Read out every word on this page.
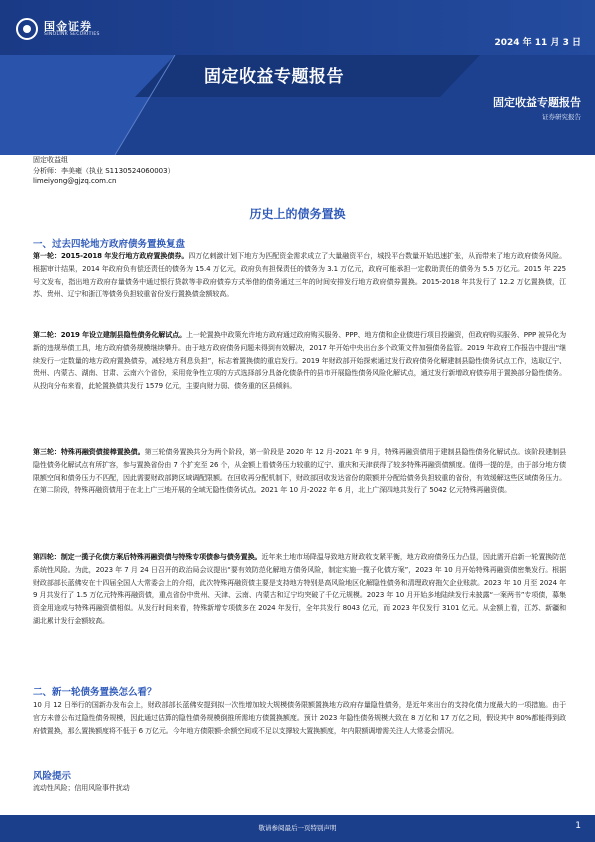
国金证券
SINOLINK SECURITIES
2024 年 11 月 3 日
固定收益专题报告
固定收益专题报告
证券研究报告
固定收益组
分析师：李美雍（执业 S1130524060003）
limeiyong@gjzq.com.cn
历史上的债务置换
一、过去四轮地方政府债务置换复盘
第一轮：2015-2018 年发行地方政府置换债券。四万亿刺激计划下地方为匹配资金需求成立了大量融资平台，城投平台数量开始迅速扩张，从而带来了地方政府债务风险。根据审计结果，2014 年政府负有偿还责任的债务为 15.4 万亿元，政府负有担保责任的债务为 3.1 万亿元，政府可能承担一定救助责任的债务为 5.5 万亿元。2015 年 225 号文发布，指出地方政府存量债务中通过银行贷款等非政府债券方式举借的债务通过三年的时间安排发行地方政府债券置换。2015-2018 年共发行了 12.2 万亿置换债，江苏、贵州、辽宁和浙江等债务负担较重省份发行置换债金额较高。
第二轮：2019 年设立建制县隐性债务化解试点。上一轮置换中政策允许地方政府通过政府购买服务、PPP、地方债和企业债进行项目投融资，但政府购买服务、PPP 被异化为新的违规举债工具，地方政府债务规模继续攀升。由于地方政府债务问题未得到有效解决，2017 年开始中央出台多个政策文件加强债务监管。2019 年政府工作报告中提出“继续发行一定数量的地方政府置换债券，减轻地方利息负担”，标志着置换债的重启发行。2019 年财政部开始探索通过发行政府债务化解建制县隐性债务试点工作，选取辽宁、贵州、内蒙古、湖南、甘肃、云南六个省份，采用竞争性立项的方式选择部分具备化债条件的县市开展隐性债务风险化解试点，通过发行新增政府债券用于置换部分隐性债务。从投向分布来看，此轮置换债共发行 1579 亿元，主要向财力弱、债务重的区县倾斜。
第三轮：特殊再融资债接棒置换债。第三轮债务置换共分为两个阶段，第一阶段是 2020 年 12 月-2021 年 9 月，特殊再融资债用于建制县隐性债务化解试点。该阶段建制县隐性债务化解试点有所扩容，参与置换省份由 7 个扩充至 26 个，从金额上看债务压力较重的辽宁、重庆和天津获得了较多特殊再融资债额度。值得一提的是，由于部分地方债限额空间和债务压力不匹配，因此需要财政部跨区域调配限额。在回收再分配机制下，财政部回收发达省份的限额并分配给债务负担较重的省份，有效缓解这些区域债务压力。在第二阶段，特殊再融资债用于在北上广三地开展的全域无隐性债务试点。2021 年 10 月-2022 年 6 月，北上广深四地共发行了 5042 亿元特殊再融资债。
第四轮：制定一揽子化债方案后特殊再融资债与特殊专项债参与债务置换。近年来土地市场降温导致地方财政收支紧平衡，地方政府债务压力凸显，因此需开启新一轮置换防范系统性风险。为此，2023 年 7 月 24 日召开的政治局会议提出“要有效防范化解地方债务风险，制定实施一揽子化债方案”，2023 年 10 月开始特殊再融资债密集发行。根据财政部部长蓝佛安在十四届全国人大常委会上的介绍，此次特殊再融资债主要是支持地方特别是高风险地区化解隐性债务和清理政府拖欠企业账款。2023 年 10 月至 2024 年 9 月共发行了 1.5 万亿元特殊再融资债，重点省份中贵州、天津、云南、内蒙古和辽宁均突破了千亿元规模。2023 年 10 月开始多地陆续发行未披露“一案两书”专项债，募集资金用途或与特殊再融资债相似。从发行时间来看，特殊新增专项债多在 2024 年发行，全年共发行 8043 亿元，而 2023 年仅发行 3101 亿元。从金额上看，江苏、新疆和湖北累计发行金额较高。
二、新一轮债务置换怎么看？
10 月 12 日举行的国新办发布会上，财政部部长蓝佛安提到拟一次性增加较大规模债务限额置换地方政府存量隐性债务，是近年来出台的支持化债力度最大的一项措施。由于官方未曾公布过隐性债务规模，因此通过估算的隐性债务规模倒推所需地方债置换额度。预计 2023 年隐性债务规模大致在 8 万亿和 17 万亿之间，假设其中 80%都能得到政府债置换，那么置换额度将不低于 6 万亿元。今年地方债限额-余额空间或不足以支撑较大置换额度，年内限额调增需关注人大常委会情况。
风险提示
流动性风险；信用风险事件扰动
敬请参阅最后一页特别声明	1
